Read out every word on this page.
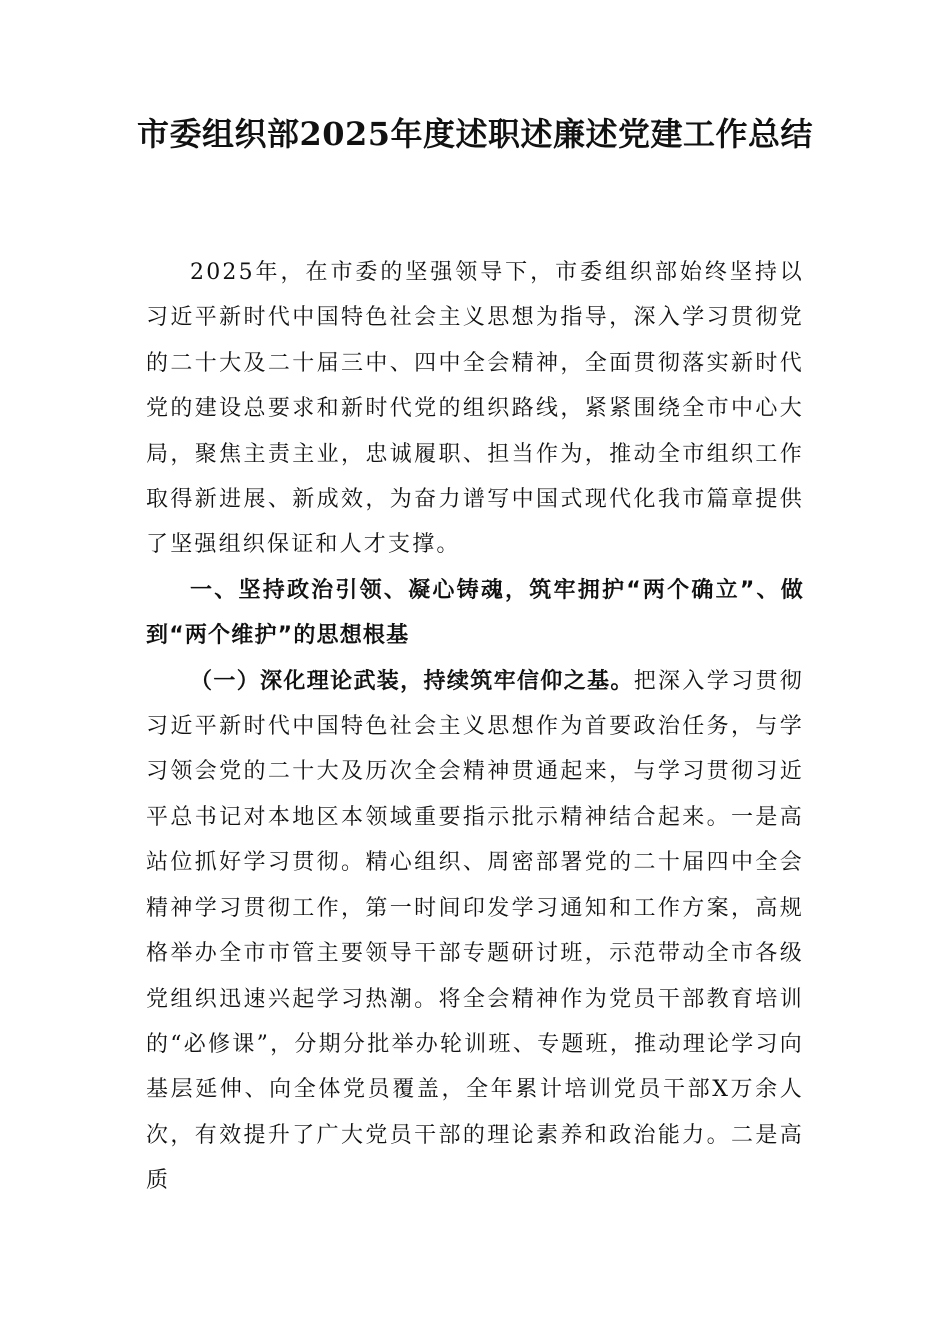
市委组织部2025年度述职述廉述党建工作总结

2025年，在市委的坚强领导下，市委组织部始终坚持以习近平新时代中国特色社会主义思想为指导，深入学习贯彻党的二十大及二十届三中、四中全会精神，全面贯彻落实新时代党的建设总要求和新时代党的组织路线，紧紧围绕全市中心大局，聚焦主责主业，忠诚履职、担当作为，推动全市组织工作取得新进展、新成效，为奋力谱写中国式现代化我市篇章提供了坚强组织保证和人才支撑。

一、坚持政治引领、凝心铸魂，筑牢拥护“两个确立”、做到“两个维护”的思想根基

（一）深化理论武装，持续筑牢信仰之基。把深入学习贯彻习近平新时代中国特色社会主义思想作为首要政治任务，与学习领会党的二十大及历次全会精神贯通起来，与学习贯彻习近平总书记对本地区本领域重要指示批示精神结合起来。一是高站位抓好学习贯彻。精心组织、周密部署党的二十届四中全会精神学习贯彻工作，第一时间印发学习通知和工作方案，高规格举办全市市管主要领导干部专题研讨班，示范带动全市各级党组织迅速兴起学习热潮。将全会精神作为党员干部教育培训的“必修课”，分期分批举办轮训班、专题班，推动理论学习向基层延伸、向全体党员覆盖，全年累计培训党员干部X万余人次，有效提升了广大党员干部的理论素养和政治能力。二是高质
